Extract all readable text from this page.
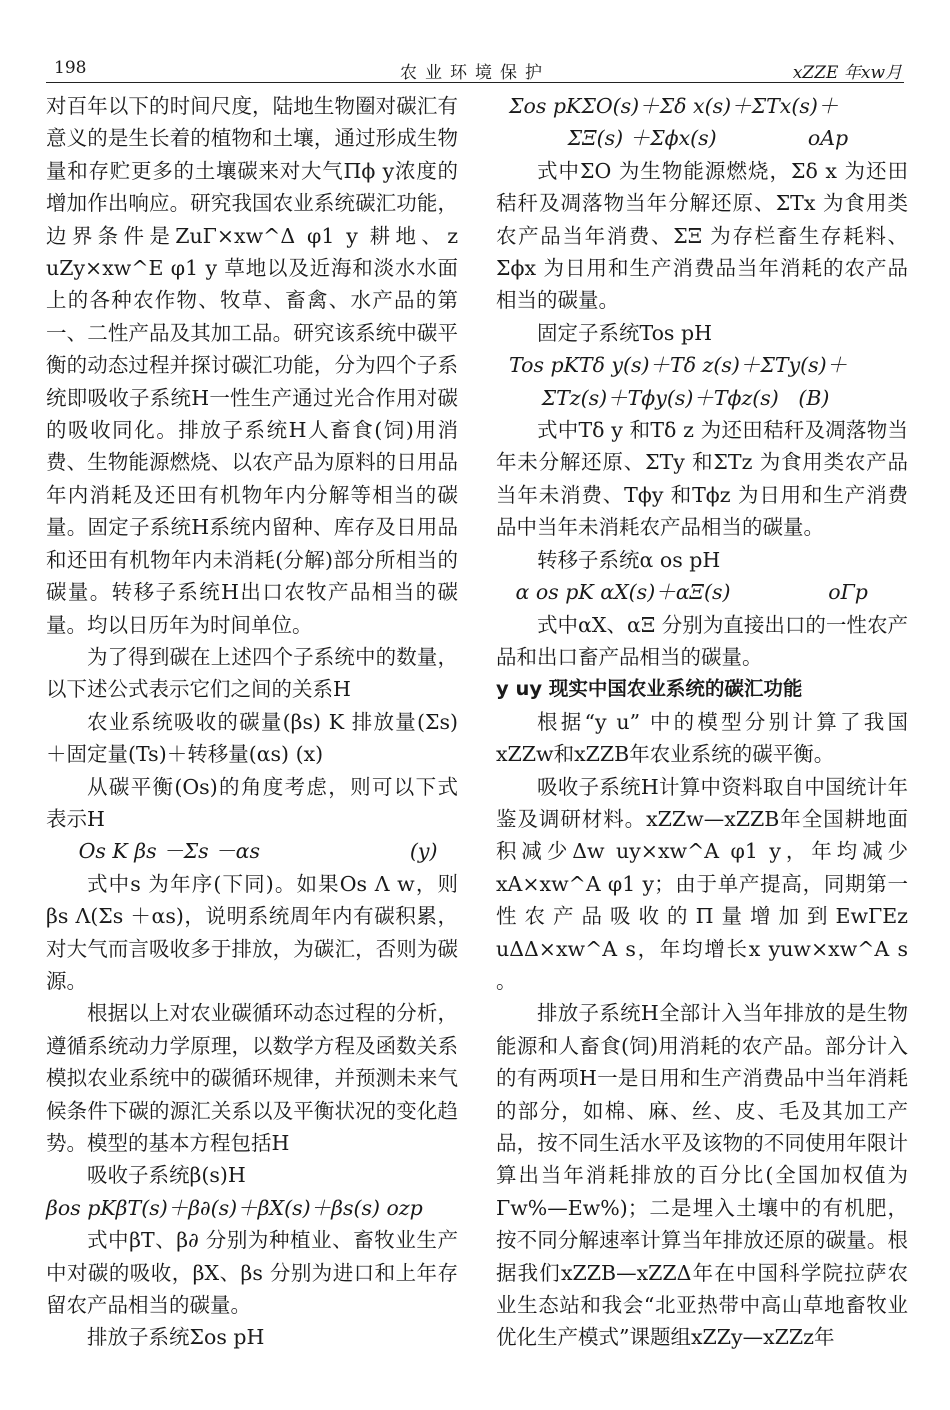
198	农业环境保护	xZZE 年xw月

对百年以下的时间尺度，陆地生物圈对碳汇有意义的是生长着的植物和土壤，通过形成生物量和存贮更多的土壤碳来对大气Πϕ y浓度的增加作出响应。研究我国农业系统碳汇功能，边界条件是ZuΓ×xw^Δ φ1 y 耕地、z uZy×xw^E φ1 y 草地以及近海和淡水水面上的各种农作物、牧草、畜禽、水产品的第一、二性产品及其加工品。研究该系统中碳平衡的动态过程并探讨碳汇功能，分为四个子系统即吸收子系统H一性生产通过光合作用对碳的吸收同化。排放子系统H人畜食(饲)用消费、生物能源燃烧、以农产品为原料的日用品年内消耗及还田有机物年内分解等相当的碳量。固定子系统H系统内留种、库存及日用品和还田有机物年内未消耗(分解)部分所相当的碳量。转移子系统H出口农牧产品相当的碳量。均以日历年为时间单位。

为了得到碳在上述四个子系统中的数量，以下述公式表示它们之间的关系H

农业系统吸收的碳量(βs) K 排放量(Σs)＋固定量(Ts)＋转移量(αs) (x)

从碳平衡(Os)的角度考虑，则可以下式表示H

Os K βs －Σs －αs                       (y)

式中s 为年序(下同)。如果Os Λ w，则βs Λ(Σs ＋αs)，说明系统周年内有碳积累，对大气而言吸收多于排放，为碳汇，否则为碳源。

根据以上对农业碳循环动态过程的分析，遵循系统动力学原理，以数学方程及函数关系模拟农业系统中的碳循环规律，并预测未来气候条件下碳的源汇关系以及平衡状况的变化趋势。模型的基本方程包括H

吸收子系统β(s)H

βos pKβT(s)＋β∂(s)＋βX(s)＋βs(s) ozp

式中βT、β∂ 分别为种植业、畜牧业生产中对碳的吸收，βX、βs 分别为进口和上年存留农产品相当的碳量。

排放子系统Σos pH

Σos pKΣO(s)＋Σδ x(s)＋ΣTx(s)＋

ΣΞ(s) ＋Σϕx(s)              oAp

式中ΣO 为生物能源燃烧，Σδ x 为还田秸秆及凋落物当年分解还原、ΣTx 为食用类农产品当年消费、ΣΞ 为存栏畜生存耗料、Σϕx 为日用和生产消费品当年消耗的农产品相当的碳量。

固定子系统Tos pH

Tos pKTδ y(s)＋Tδ z(s)＋ΣTy(s)＋

ΣTz(s)＋Tϕy(s)＋Tϕz(s)   (B)

式中Tδ y 和Tδ z 为还田秸秆及凋落物当年未分解还原、ΣTy 和ΣTz 为食用类农产品当年未消费、Tϕy 和Tϕz 为日用和生产消费品中当年未消耗农产品相当的碳量。

转移子系统α os pH

α os pK αX(s)＋αΞ(s)               oΓp

式中αX、αΞ 分别为直接出口的一性农产品和出口畜产品相当的碳量。

y uy 现实中国农业系统的碳汇功能

根据“y u” 中的模型分别计算了我国xZZw和xZZB年农业系统的碳平衡。

吸收子系统H计算中资料取自中国统计年鉴及调研材料。xZZw—xZZB年全国耕地面积减少Δw uy×xw^A φ1 y，年均减少xA×xw^A φ1 y；由于单产提高，同期第一性农产品吸收的Π量增加到EwΓEz uΔΔ×xw^A s，年均增长x yuw×xw^A s 。

排放子系统H全部计入当年排放的是生物能源和人畜食(饲)用消耗的农产品。部分计入的有两项H一是日用和生产消费品中当年消耗的部分，如棉、麻、丝、皮、毛及其加工产品，按不同生活水平及该物的不同使用年限计算出当年消耗排放的百分比(全国加权值为Γw%—Ew%)；二是埋入土壤中的有机肥，按不同分解速率计算当年排放还原的碳量。根据我们xZZB—xZZΔ年在中国科学院拉萨农业生态站和我会“北亚热带中高山草地畜牧业优化生产模式”课题组xZZy—xZZz年
